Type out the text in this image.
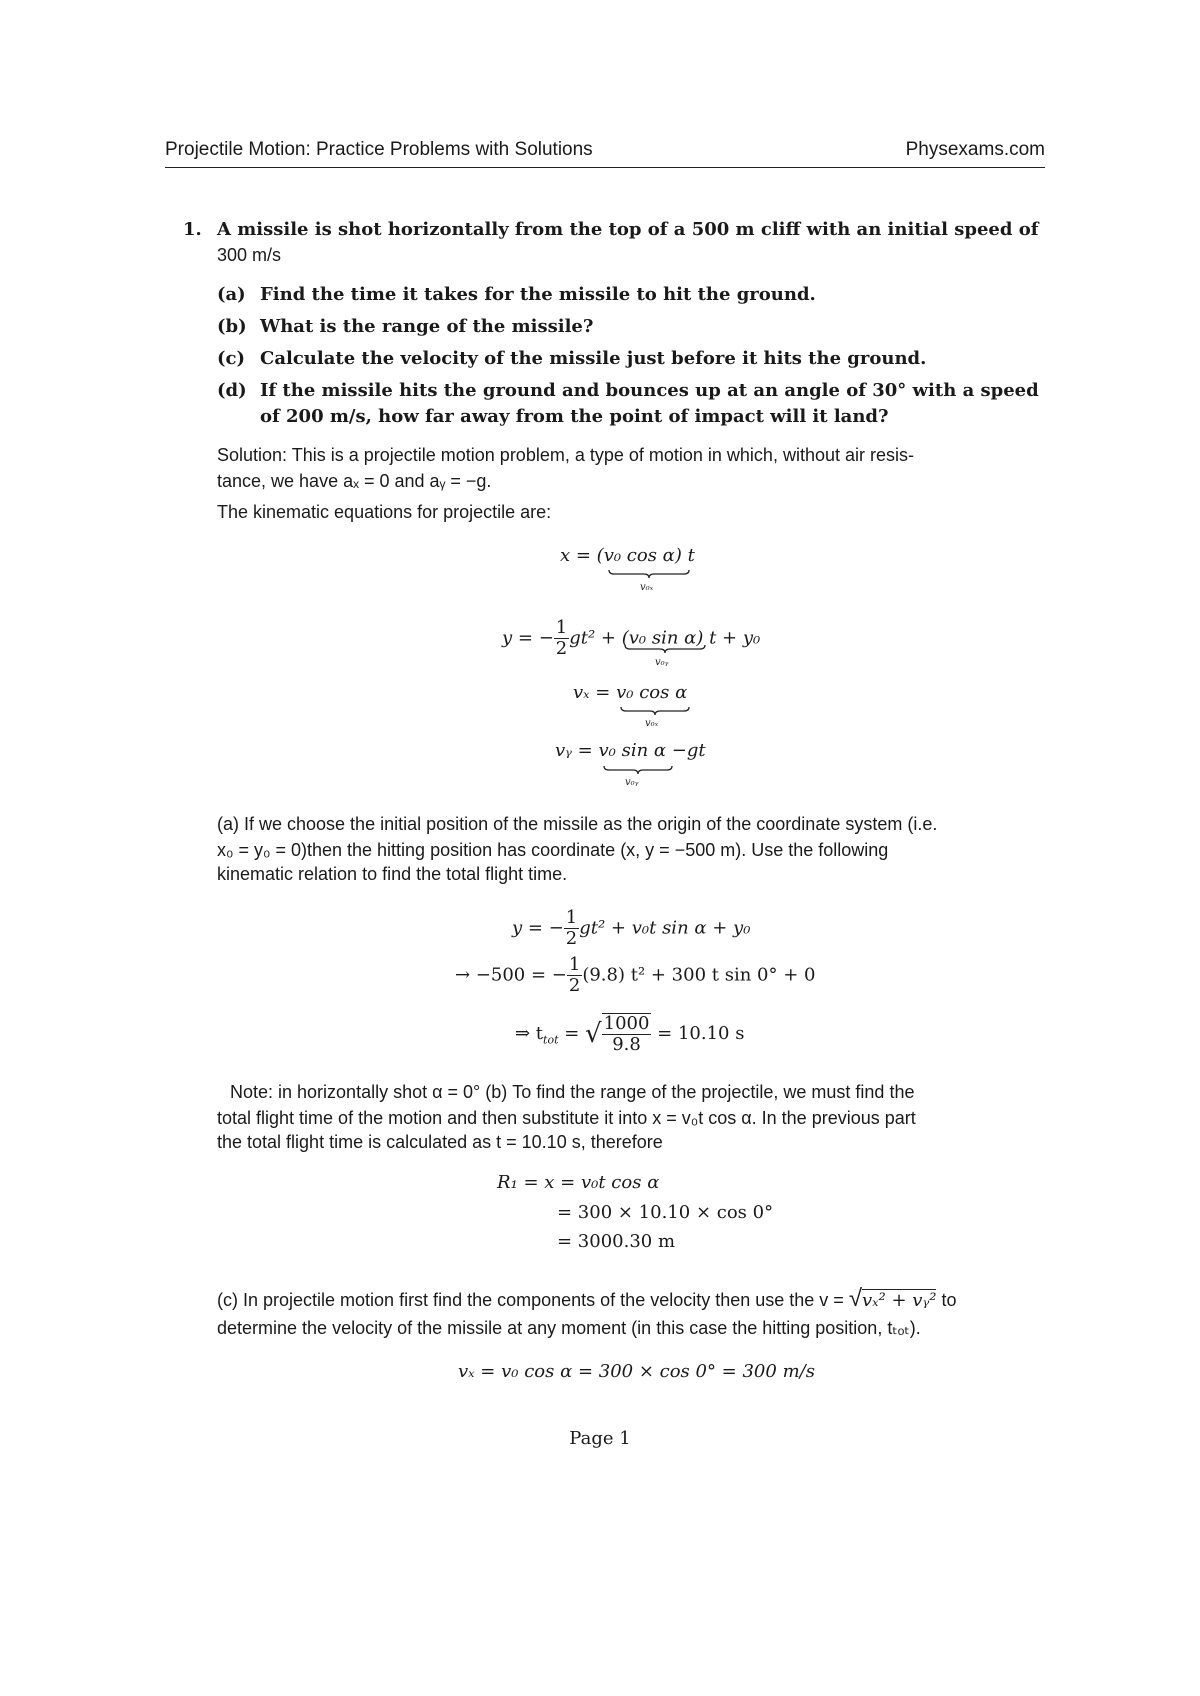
Projectile Motion: Practice Problems with Solutions	Physexams.com
1. A missile is shot horizontally from the top of a 500 m cliff with an initial speed of
300 m/s
(a) Find the time it takes for the missile to hit the ground.
(b) What is the range of the missile?
(c) Calculate the velocity of the missile just before it hits the ground.
(d) If the missile hits the ground and bounces up at an angle of 30° with a speed
of 200 m/s, how far away from the point of impact will it land?
Solution: This is a projectile motion problem, a type of motion in which, without air resis-
tance, we have aₓ = 0 and aᵧ = −g.
The kinematic equations for projectile are:
x = (v₀ cos α) t
v₀ₓ
y = − $\frac{1}{2} gt^2 + (v_0$ sin α) t + y₀
v₀ᵧ
vₓ = v₀ cos α
v₀ₓ
vᵧ = v₀ sin α −gt
v₀ᵧ
(a) If we choose the initial position of the missile as the origin of the coordinate system (i.e.
x₀ = y₀ = 0)then the hitting position has coordinate (x, y = −500 m). Use the following
kinematic relation to find the total flight time.
y = − $\frac{1}{2} gt^2 + v_0t$ sin α + y₀
→ −500 = − $\frac{1}{2} (9.8) t^2 + 300$ t sin 0° + 0
⇒ $t_{tot}$ = √ $\frac{1000}{9.8} = 10.10$ s
Note: in horizontally shot α = 0° (b) To find the range of the projectile, we must find the
total flight time of the motion and then substitute it into x = v₀t cos α. In the previous part
the total flight time is calculated as t = 10.10 s, therefore
R₁ = x = v₀t cos α
= 300 × 10.10 × cos 0°
= 3000.30 m
(c) In projectile motion first find the components of the velocity then use the v = √vₓ² + vᵧ² to
determine the velocity of the missile at any moment (in this case the hitting position, tₜₒₜ).
vₓ = v₀ cos α = 300 × cos 0° = 300 m/s
Page 1
